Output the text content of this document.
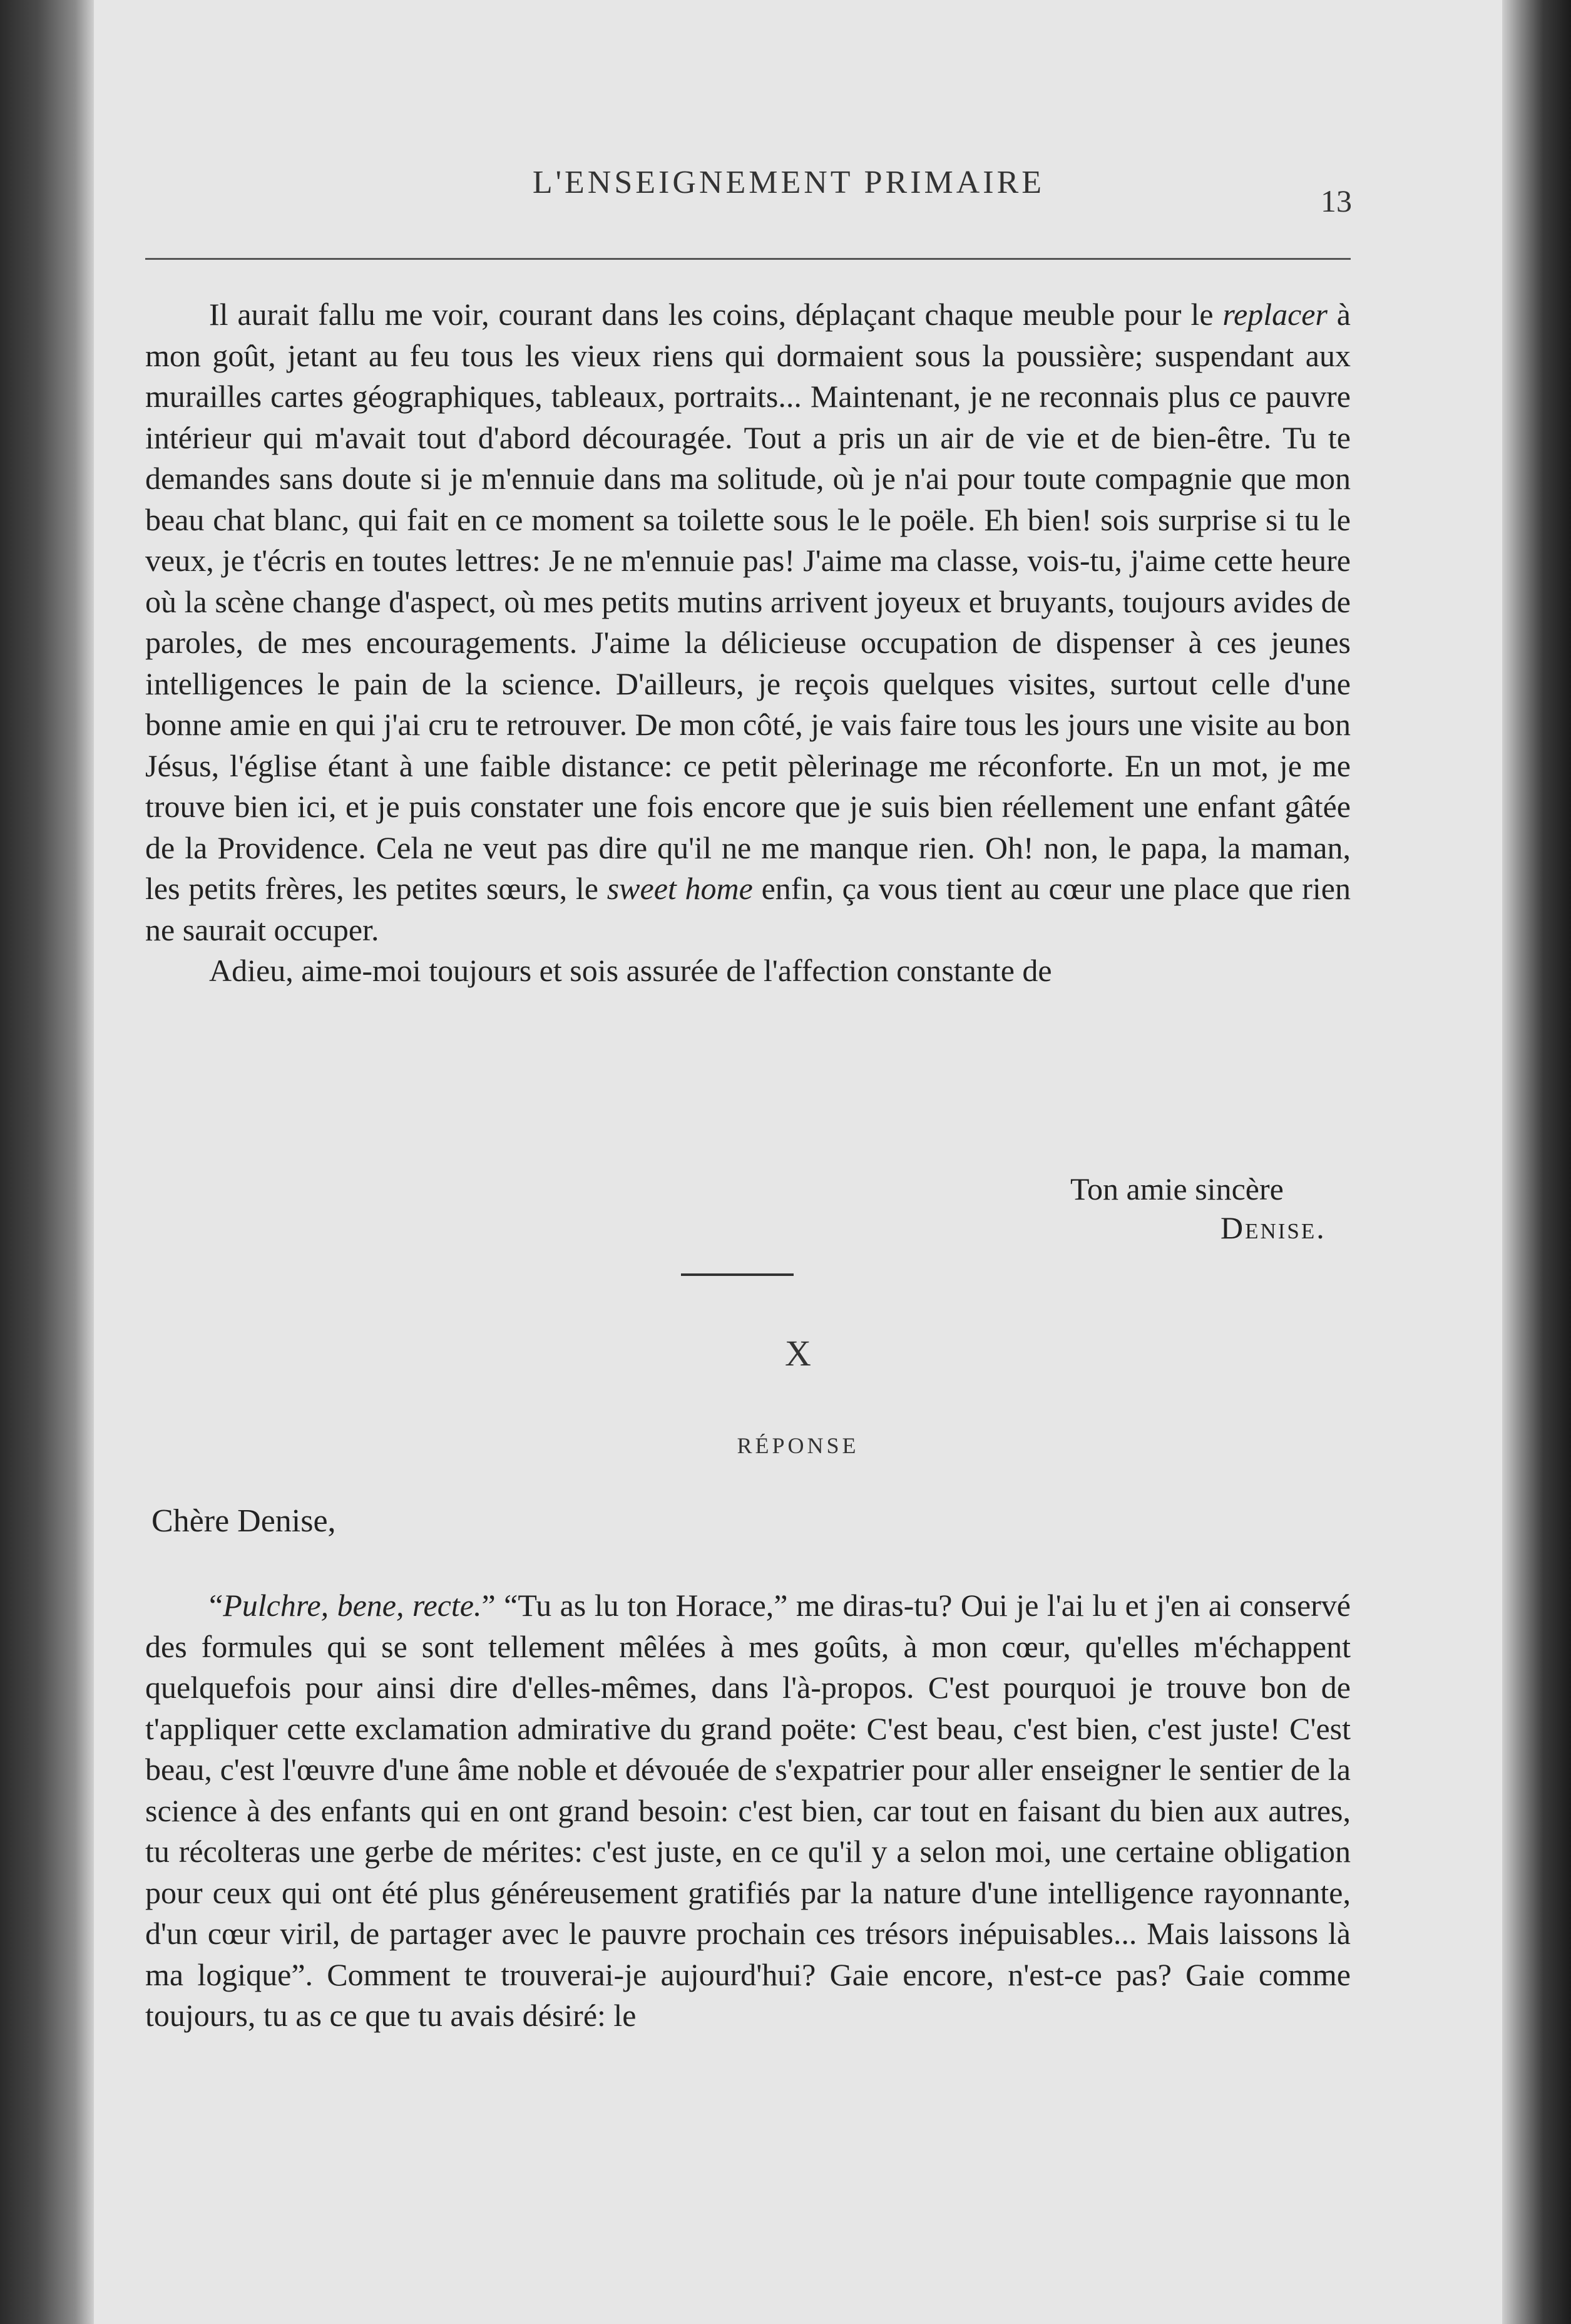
L'ENSEIGNEMENT PRIMAIRE
13

Il aurait fallu me voir, courant dans les coins, déplaçant chaque meuble pour le replacer à mon goût, jetant au feu tous les vieux riens qui dormaient sous la poussière; suspendant aux murailles cartes géographiques, tableaux, portraits... Maintenant, je ne reconnais plus ce pauvre intérieur qui m'avait tout d'abord découragée. Tout a pris un air de vie et de bien-être. Tu te demandes sans doute si je m'ennuie dans ma solitude, où je n'ai pour toute compagnie que mon beau chat blanc, qui fait en ce moment sa toilette sous le le poële. Eh bien! sois surprise si tu le veux, je t'écris en toutes lettres: Je ne m'ennuie pas! J'aime ma classe, vois-tu, j'aime cette heure où la scène change d'aspect, où mes petits mutins arrivent joyeux et bruyants, toujours avides de paroles, de mes encouragements. J'aime la délicieuse occupation de dispenser à ces jeunes intelligences le pain de la science. D'ailleurs, je reçois quelques visites, surtout celle d'une bonne amie en qui j'ai cru te retrouver. De mon côté, je vais faire tous les jours une visite au bon Jésus, l'église étant à une faible distance: ce petit pèlerinage me réconforte. En un mot, je me trouve bien ici, et je puis constater une fois encore que je suis bien réellement une enfant gâtée de la Providence. Cela ne veut pas dire qu'il ne me manque rien. Oh! non, le papa, la maman, les petits frères, les petites sœurs, le sweet home enfin, ça vous tient au cœur une place que rien ne saurait occuper.

Adieu, aime-moi toujours et sois assurée de l'affection constante de

Ton amie sincère
Denise.
X
RÉPONSE
Chère Denise,

“Pulchre, bene, recte.” “Tu as lu ton Horace,” me diras-tu? Oui je l'ai lu et j'en ai conservé des formules qui se sont tellement mêlées à mes goûts, à mon cœur, qu'elles m'échappent quelquefois pour ainsi dire d'elles-mêmes, dans l'à-propos. C'est pourquoi je trouve bon de t'appliquer cette exclamation admirative du grand poëte: C'est beau, c'est bien, c'est juste! C'est beau, c'est l'œuvre d'une âme noble et dévouée de s'expatrier pour aller enseigner le sentier de la science à des enfants qui en ont grand besoin: c'est bien, car tout en faisant du bien aux autres, tu récolteras une gerbe de mérites: c'est juste, en ce qu'il y a selon moi, une certaine obligation pour ceux qui ont été plus généreusement gratifiés par la nature d'une intelligence rayonnante, d'un cœur viril, de partager avec le pauvre prochain ces trésors inépuisables... Mais laissons là ma logique”. Comment te trouverai-je aujourd'hui? Gaie encore, n'est-ce pas? Gaie comme toujours, tu as ce que tu avais désiré: le
